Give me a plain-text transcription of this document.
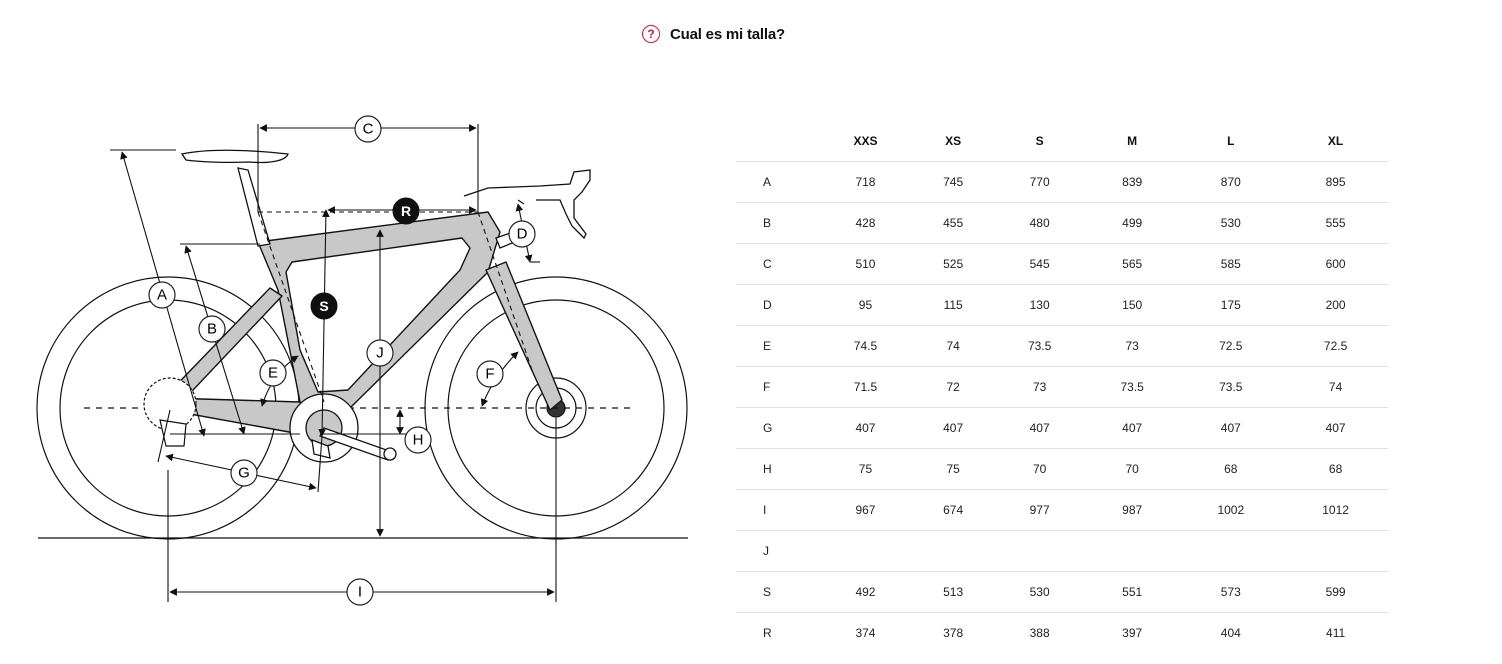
?	Cual es mi talla?
C
A
B
R
S
D
J
E	F
H
G
I
	XXS	XS	S	M	L	XL
A	718	745	770	839	870	895
B	428	455	480	499	530	555
C	510	525	545	565	585	600
D	95	115	130	150	175	200
E	74.5	74	73.5	73	72.5	72.5
F	71.5	72	73	73.5	73.5	74
G	407	407	407	407	407	407
H	75	75	70	70	68	68
I	967	674	977	987	1002	1012
J						
S	492	513	530	551	573	599
R	374	378	388	397	404	411
